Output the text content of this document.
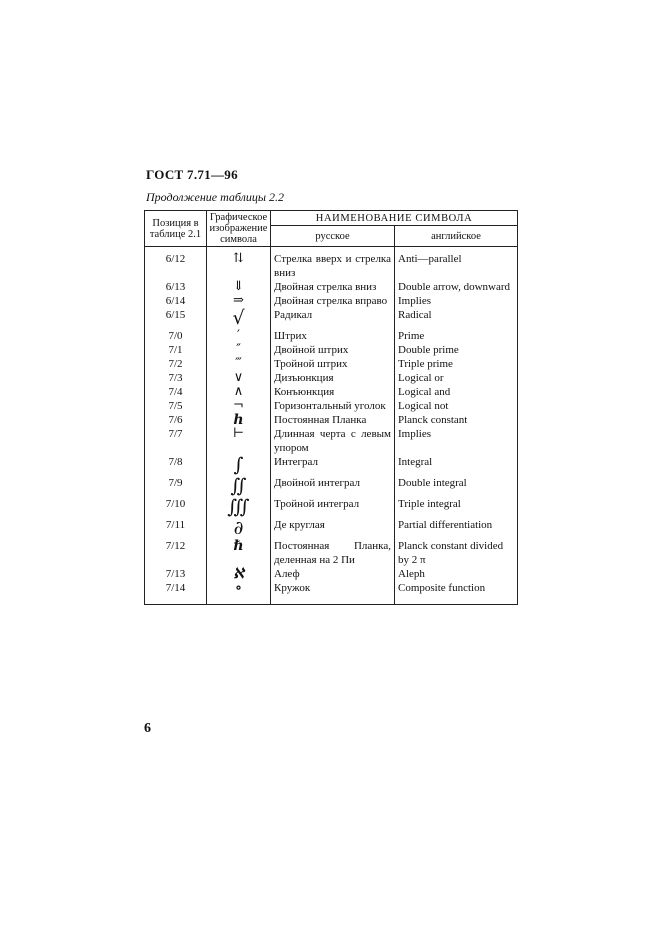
ГОСТ 7.71—96
Продолжение таблицы 2.2
Позиция в таблице 2.1	Графическое изображение символа	НАИМЕНОВАНИЕ СИМВОЛА	
		русское	английское
6/12	⇅	Стрелка вверх и стрелка вниз	Anti—parallel
6/13	⇓	Двойная стрелка вниз	Double arrow, downward
6/14	⇒	Двойная стрелка вправо	Implies
6/15	√	Радикал	Radical
7/0	′	Штрих	Prime
7/1	″	Двойной штрих	Double prime
7/2	‴	Тройной штрих	Triple prime
7/3	∨	Дизъюнкция	Logical or
7/4	∧	Конъюнкция	Logical and
7/5	¬	Горизонтальный уголок	Logical not
7/6	h	Постоянная Планка	Planck constant
7/7	⊢	Длинная черта с левым упором	Implies
7/8	∫	Интеграл	Integral
7/9	∬	Двойной интеграл	Double integral
7/10	∭	Тройной интеграл	Triple integral
7/11	∂	Де круглая	Partial differentiation
7/12	ℏ	Постоянная Планка, деленная на 2 Пи	Planck constant divided by 2 π
7/13	ℵ	Алеф	Aleph
7/14	∘	Кружок	Composite function
6
